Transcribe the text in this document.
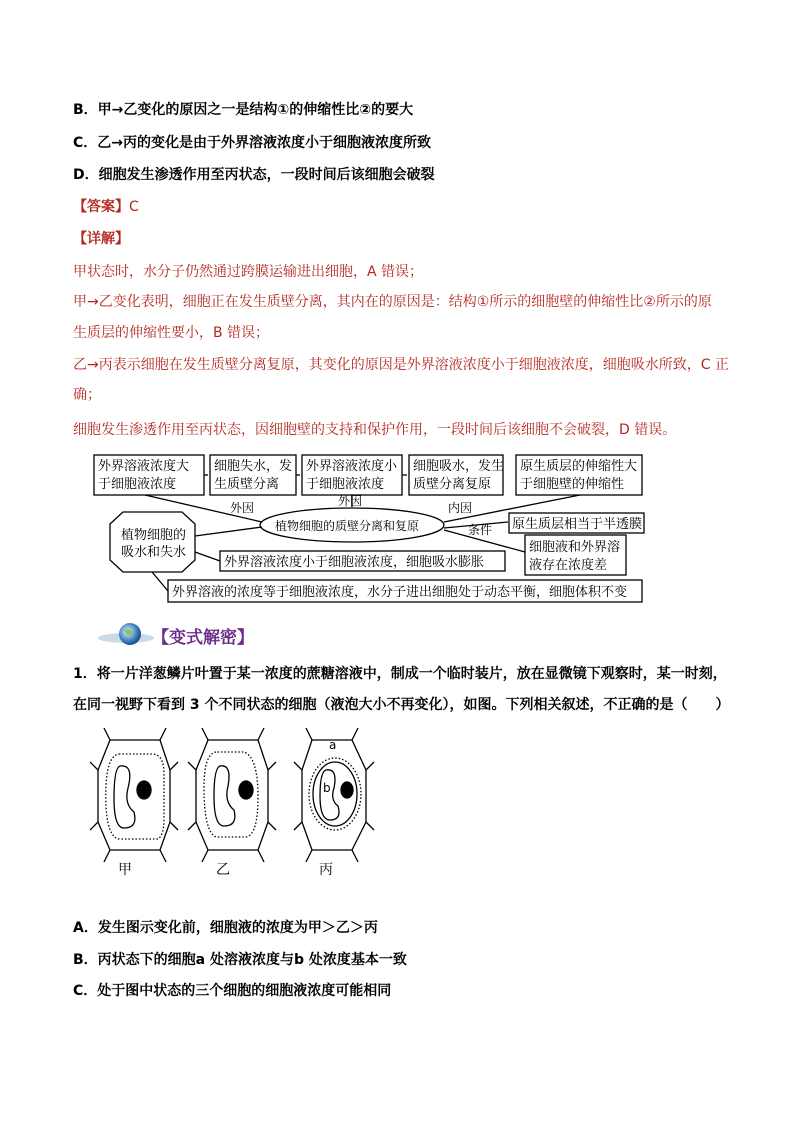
B．甲→乙变化的原因之一是结构①的伸缩性比②的要大
C．乙→丙的变化是由于外界溶液浓度小于细胞液浓度所致
D．细胞发生渗透作用至丙状态，一段时间后该细胞会破裂
【答案】C
【详解】
甲状态时，水分子仍然通过跨膜运输进出细胞，A 错误；
甲→乙变化表明，细胞正在发生质壁分离，其内在的原因是：结构①所示的细胞壁的伸缩性比②所示的原
生质层的伸缩性要小，B 错误；
乙→丙表示细胞在发生质壁分离复原，其变化的原因是外界溶液浓度小于细胞液浓度，细胞吸水所致，C 正
确；
细胞发生渗透作用至丙状态，因细胞壁的支持和保护作用，一段时间后该细胞不会破裂，D 错误。
外界溶液浓度大
于细胞液浓度
细胞失水，发
生质壁分离
外界溶液浓度小
于细胞液浓度
细胞吸水，发生
质壁分离复原
原生质层的伸缩性大
于细胞壁的伸缩性
植物细胞的质壁分离和复原
植物细胞的
吸水和失水
外因	外因	内因
条件 原生质层相当于半透膜
细胞液和外界溶
液存在浓度差
外界溶液浓度小于细胞液浓度，细胞吸水膨胀
外界溶液的浓度等于细胞液浓度，水分子进出细胞处于动态平衡，细胞体积不变
【变式解密】
1．将一片洋葱鳞片叶置于某一浓度的蔗糖溶液中，制成一个临时装片，放在显微镜下观察时，某一时刻，
在同一视野下看到 3 个不同状态的细胞（液泡大小不再变化），如图。下列相关叙述，不正确的是（　　）
a
b
甲	乙	丙
A．发生图示变化前，细胞液的浓度为甲＞乙＞丙
B．丙状态下的细胞a 处溶液浓度与b 处浓度基本一致
C．处于图中状态的三个细胞的细胞液浓度可能相同
